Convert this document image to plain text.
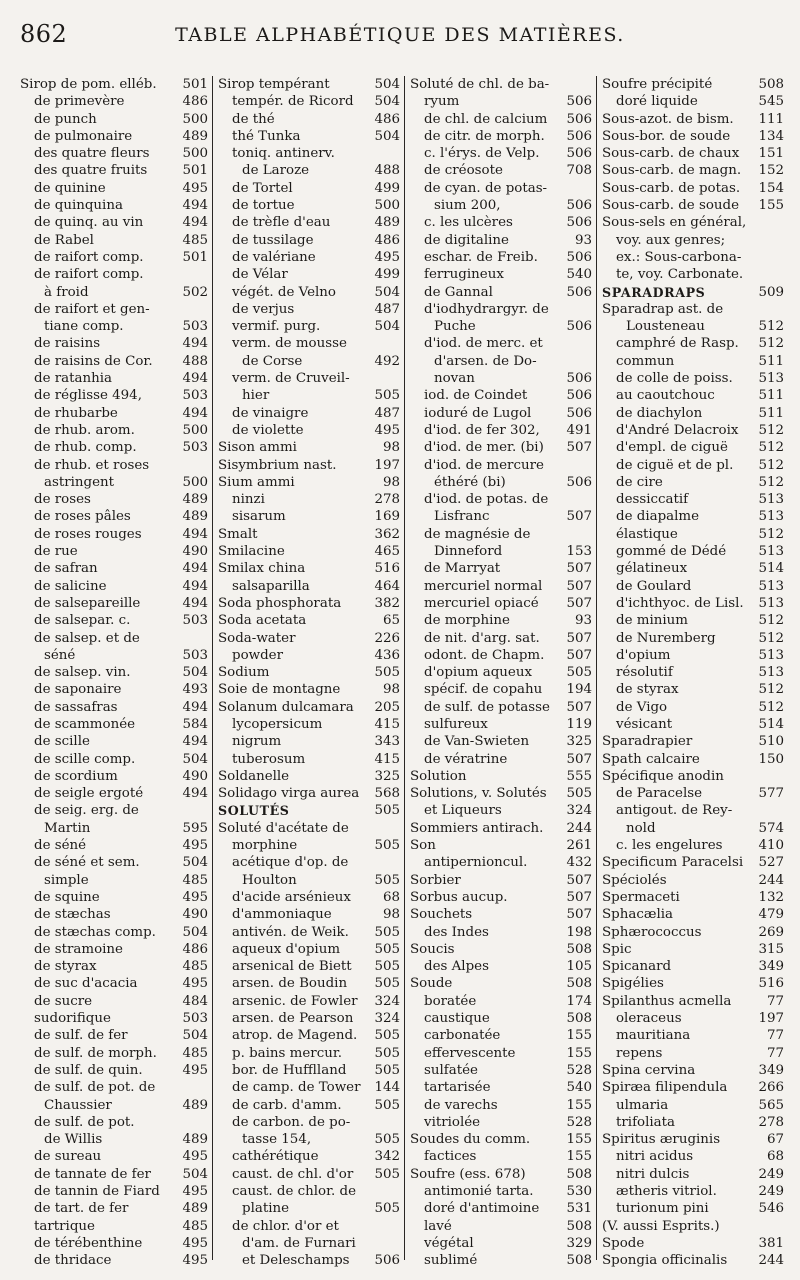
862	TABLE ALPHABÉTIQUE DES MATIÈRES.
Sirop de pom. elléb. 501
de primevère	486
de punch	500
de pulmonaire	489
des quatre fleurs 500
des quatre fruits	501
de quinine	495
de quinquina	494
de quinq. au vin	494
de Rabel	485
de raifort comp.	501
de raifort comp.
à froid	502
de raifort et gen-
tiane comp.	503
de raisins	494
de raisins de Cor. 488
de ratanhia	494
de réglisse 494,	503
de rhubarbe	494
de rhub. arom.	500
de rhub. comp.	503
de rhub. et roses
astringent	500
de roses	489
de roses pâles	489
de roses rouges	494
de rue	490
de safran	494
de salicine	494
de salsepareille	494
de salsepar. c.	503
de salsep. et de
séné	503
de salsep. vin.	504
de saponaire	493
de sassafras	494
de scammonée	584
de scille	494
de scille comp.	504
de scordium	490
de seigle ergoté	494
de seig. erg. de
Martin	595
de séné	495
de séné et sem.	504
simple	485
de squine	495
de stæchas	490
de stæchas comp. 504
de stramoine	486
de styrax	485
de suc d'acacia	495
de sucre	484
sudorifique	503
de sulf. de fer	504
de sulf. de morph. 485
de sulf. de quin.	495
de sulf. de pot. de
Chaussier	489
de sulf. de pot.
de Willis	489
de sureau	495
de tannate de fer 504
de tannin de Fiard 495
de tart. de fer	489
tartrique	485
de térébenthine	495
de thridace	495
Sirop tempérant	504
tempér. de Ricord 504
de thé	486
thé Tunka	504
toniq. antinerv.
de Laroze	488
de Tortel	499
de tortue	500
de trèfle d'eau	489
de tussilage	486
de valériane	495
de Vélar	499
végét. de Velno	504
de verjus	487
vermif. purg.	504
verm. de mousse
de Corse	492
verm. de Cruveil-
hier	505
de vinaigre	487
de violette	495
Sison ammi	98
Sisymbrium nast.	197
Sium ammi	98
ninzi	278
sisarum	169
Smalt	362
Smilacine	465
Smilax china	516
salsaparilla	464
Soda phosphorata 382
Soda acetata	65
Soda-water	226
powder	436
Sodium	505
Soie de montagne	98
Solanum dulcamara 205
lycopersicum	415
nigrum	343
tuberosum	415
Soldanelle	325
Solidago virga aurea 568
SOLUTÉS	505
Soluté d'acétate de
morphine	505
acétique d'op. de
Houlton	505
d'acide arsénieux 68
d'ammoniaque	98
antivén. de Weik. 505
aqueux d'opium	505
arsenical de Biett 505
arsen. de Boudin 505
arsenic. de Fowler 324
arsen. de Pearson 324
atrop. de Magend. 505
p. bains mercur. 505
bor. de Hufflland 505
de camp. de Tower 144
de carb. d'amm. 505
de carbon. de po-
tasse 154,	505
cathérétique	342
caust. de chl. d'or 505
caust. de chlor. de
platine	505
de chlor. d'or et
d'am. de Furnari
et Deleschamps 506
Soluté de chl. de ba-
ryum	506
de chl. de calcium 506
de citr. de morph. 506
c. l'érys. de Velp. 506
de créosote	708
de cyan. de potas-
sium 200,	506
c. les ulcères	506
de digitaline	93
eschar. de Freib. 506
ferrugineux	540
de Gannal	506
d'iodhydrargyr. de
Puche	506
d'iod. de merc. et
d'arsen. de Do-
novan	506
iod. de Coindet	506
ioduré de Lugol	506
d'iod. de fer 302, 491
d'iod. de mer. (bi) 507
d'iod. de mercure
éthéré (bi)	506
d'iod. de potas. de
Lisfranc	507
de magnésie de
Dinneford	153
de Marryat	507
mercuriel normal 507
mercuriel opiacé 507
de morphine	93
de nit. d'arg. sat. 507
odont. de Chapm. 507
d'opium aqueux	505
spécif. de copahu 194
de sulf. de potasse 507
sulfureux	119
de Van-Swieten	325
de vératrine	507
Solution	555
Solutions, v. Solutés 505
et Liqueurs	324
Sommiers antirach. 244
Son	261
antipernioncul.	432
Sorbier	507
Sorbus aucup.	507
Souchets	507
des Indes	198
Soucis	508
des Alpes	105
Soude	508
boratée	174
caustique	508
carbonatée	155
effervescente	155
sulfatée	528
tartarisée	540
de varechs	155
vitriolée	528
Soudes du comm.	155
factices	155
Soufre (ess. 678)	508
antimonié tarta. 530
doré d'antimoine 531
lavé	508
végétal	329
sublimé	508
Soufre précipité	508
doré liquide	545
Sous-azot. de bism. 111
Sous-bor. de soude 134
Sous-carb. de chaux 151
Sous-carb. de magn. 152
Sous-carb. de potas. 154
Sous-carb. de soude 155
Sous-sels en général,
voy. aux genres;
ex.: Sous-carbona-
te, voy. Carbonate.
SPARADRAPS	509
Sparadrap ast. de
Lousteneau	512
camphré de Rasp. 512
commun	511
de colle de poiss. 513
au caoutchouc	511
de diachylon	511
d'André Delacroix 512
d'empl. de ciguë 512
de ciguë et de pl. 512
de cire	512
dessiccatif	513
de diapalme	513
élastique	512
gommé de Dédé 513
gélatineux	514
de Goulard	513
d'ichthyoc. de Lisl. 513
de minium	512
de Nuremberg	512
d'opium	513
résolutif	513
de styrax	512
de Vigo	512
vésicant	514
Sparadrapier	510
Spath calcaire	150
Spécifique anodin
de Paracelse	577
antigout. de Rey-
nold	574
c. les engelures	410
Specificum Paracelsi 527
Spéciolés	244
Spermaceti	132
Sphacælia	479
Sphærococcus	269
Spic	315
Spicanard	349
Spigélies	516
Spilanthus acmella	77
oleraceus	197
mauritiana	77
repens	77
Spina cervina	349
Spiræa filipendula 266
ulmaria	565
trifoliata	278
Spiritus æruginis	67
nitri acidus	68
nitri dulcis	249
ætheris vitriol.	249
turionum pini	546
(V. aussi Esprits.)
Spode	381
Spongia officinalis 244
